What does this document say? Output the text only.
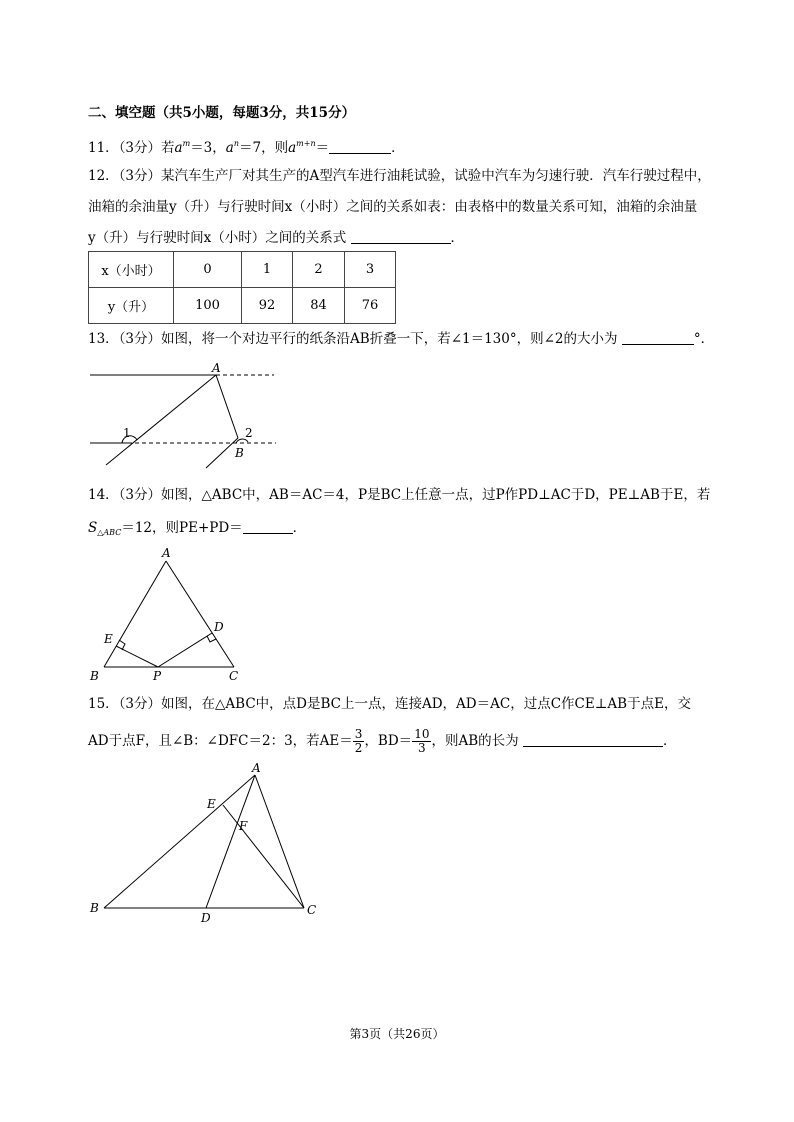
二、填空题（共5小题，每题3分，共15分）
11．（3分）若$a^m=3$，$a^n=7$，则$a^{m+n}=$	．
12．（3分）某汽车生产厂对其生产的A型汽车进行油耗试验，试验中汽车为匀速行驶．汽车行驶过程中，
油箱的余油量y（升）与行驶时间x（小时）之间的关系如表：由表格中的数量关系可知，油箱的余油量
y（升）与行驶时间x（小时）之间的关系式	．
x（小时）	0	1	2	3
y（升）	100	92	84	76
13．（3分）如图，将一个对边平行的纸条沿AB折叠一下，若∠1＝130°，则∠2的大小为	°．
A
B
1	2
14．（3分）如图，△ABC中，AB＝AC＝4，P是BC上任意一点，过P作PD⊥AC于D，PE⊥AB于E，若
$S_{\triangle ABC}=12$，则PE+PD＝	．
A
B	C
D
E
P
15．（3分）如图，在△ABC中，点D是BC上一点，连接AD，AD＝AC，过点C作CE⊥AB于点E，交
AD于点F，且∠B：∠DFC＝2：3，若$AE= \frac{3}{2}$ ，$BD= \frac{10}{3}$ ，则AB的长为	．
A
B	C
D
E
F
第3页（共26页）
